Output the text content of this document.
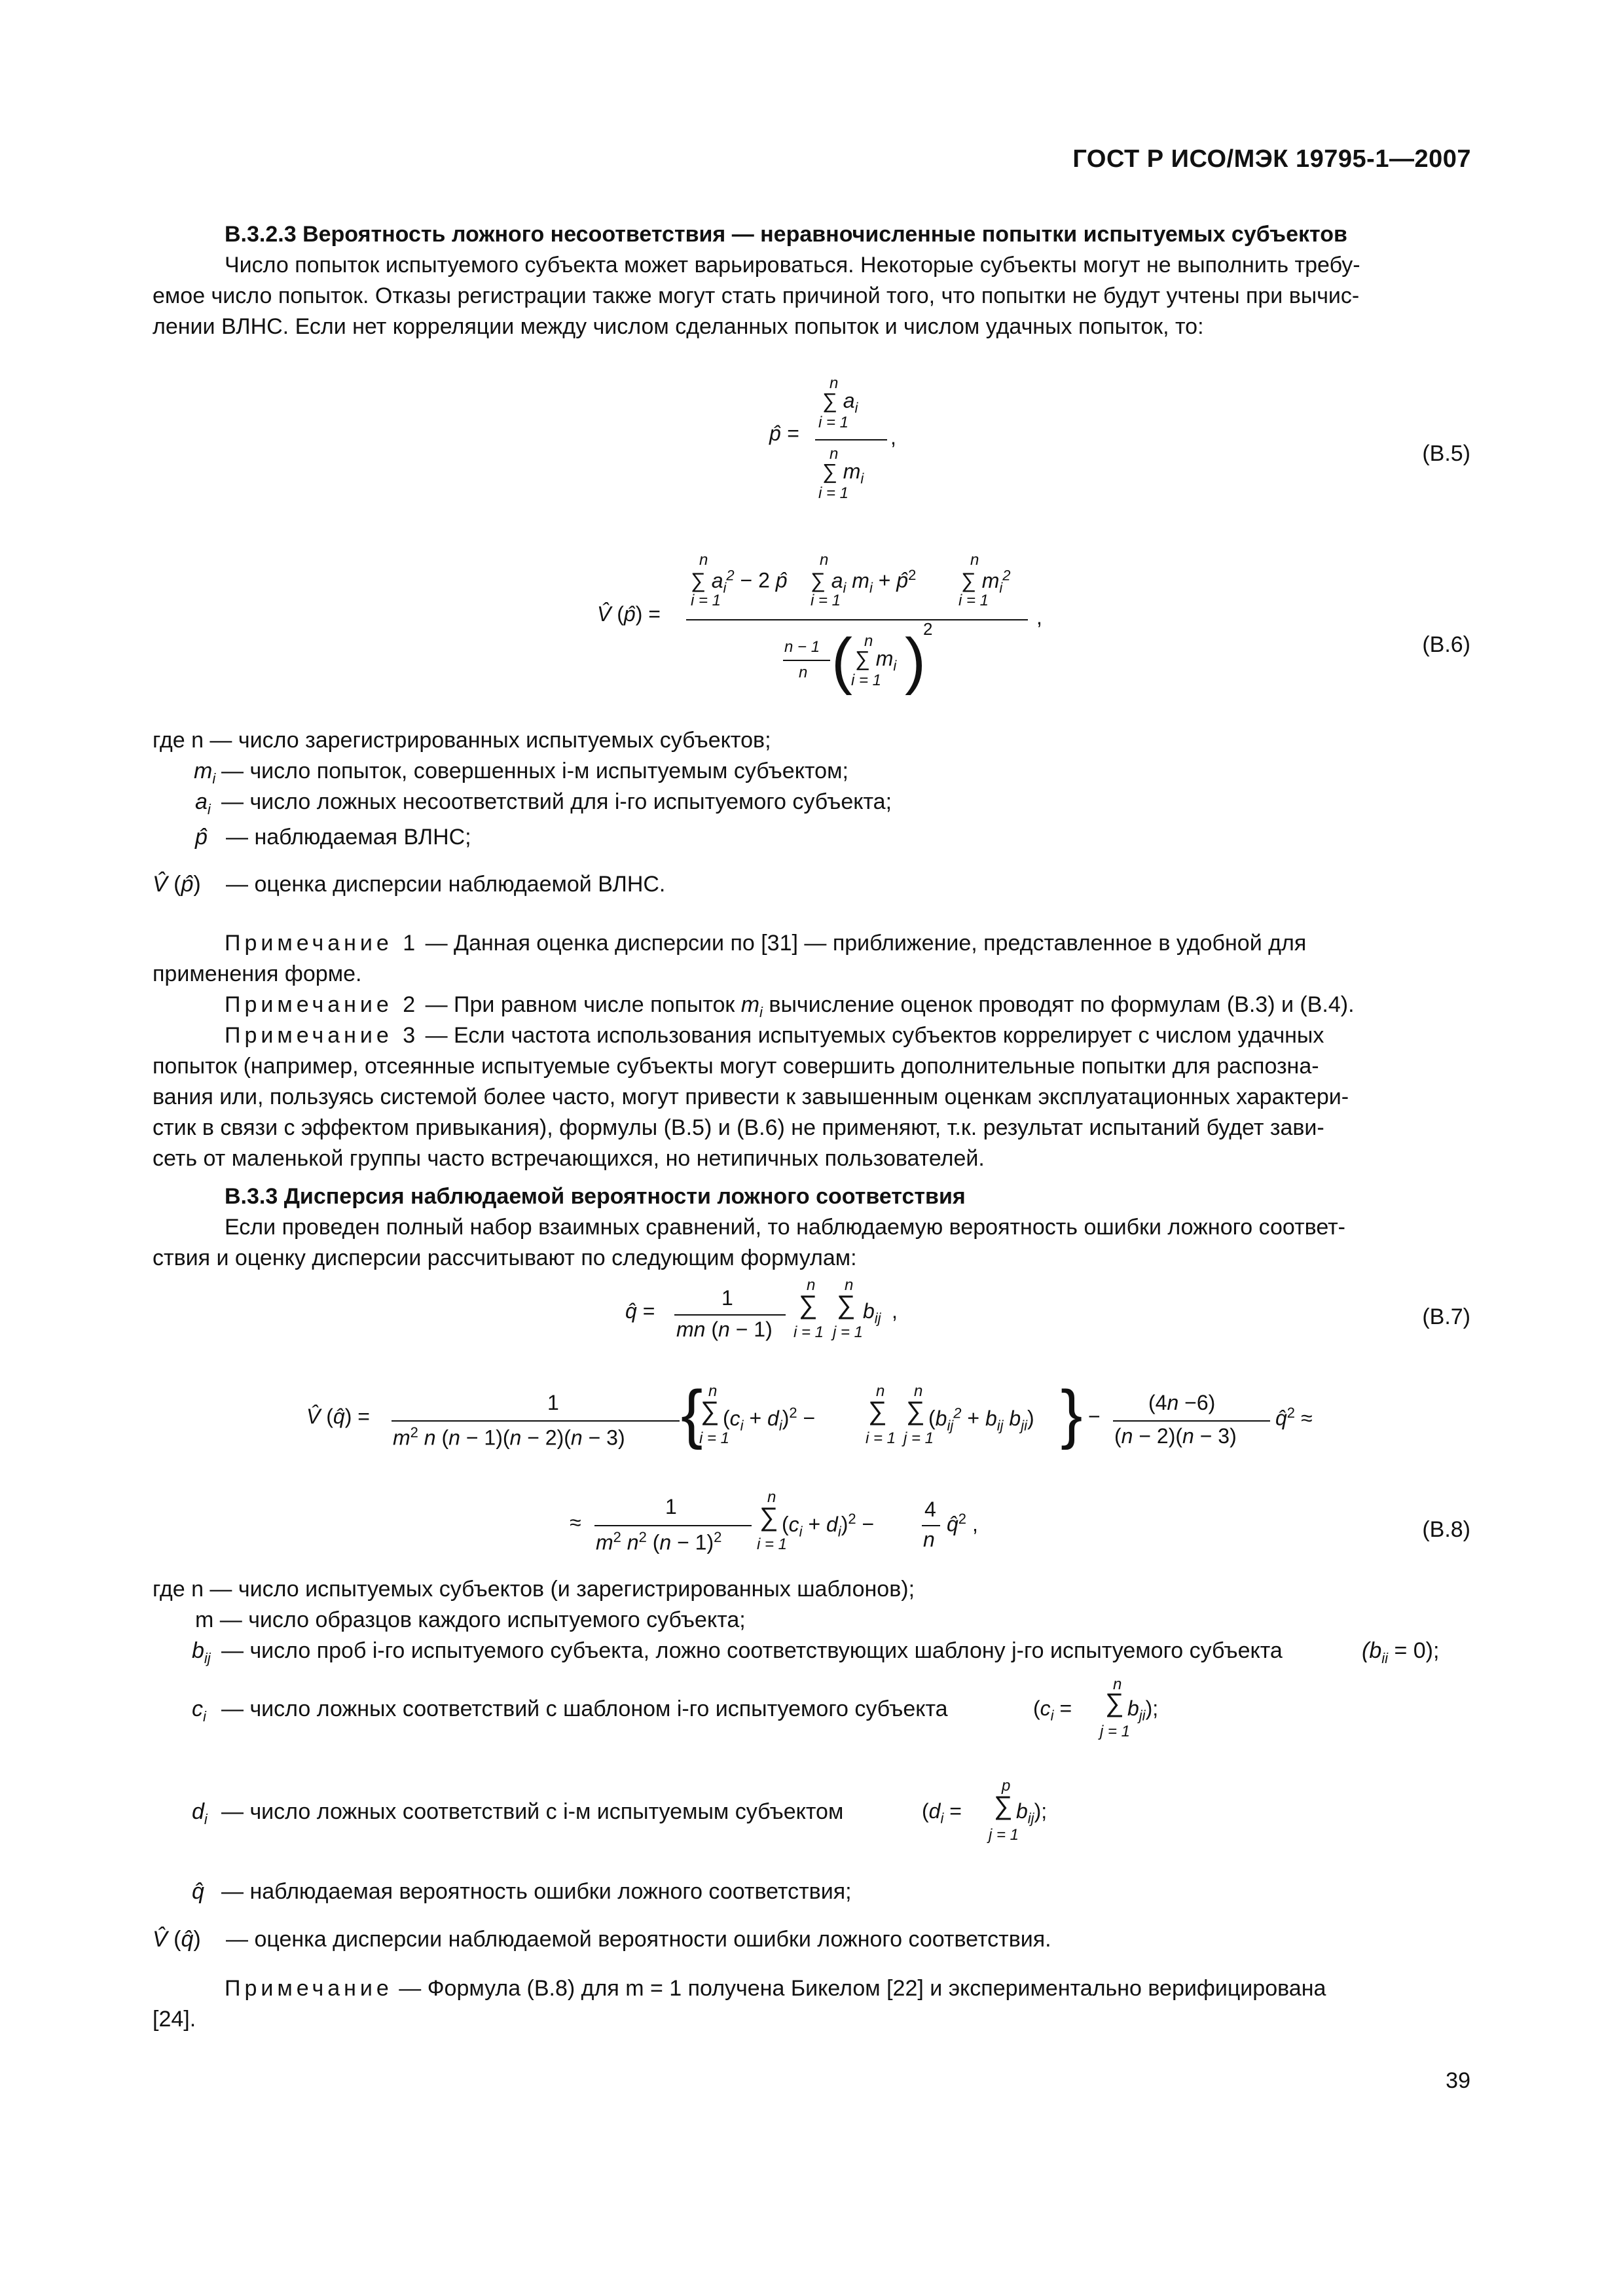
ГОСТ Р ИСО/МЭК 19795-1—2007
В.3.2.3 Вероятность ложного несоответствия — неравночисленные попытки испытуемых субъектов
Число попыток испытуемого субъекта может варьироваться. Некоторые субъекты могут не выполнить требу-
емое число попыток. Отказы регистрации также могут стать причиной того, что попытки не будут учтены при вычис-
лении ВЛНС. Если нет корреляции между числом сделанных попыток и числом удачных попыток, то:
p̂ =
n
∑ $a_i$
i = 1
,
n
∑ $m_i$
i = 1
(В.5)
V̂ (p̂) =
n
∑ $a_i^2 - 2$ p̂
i = 1
n
∑ $a_i$ $m_i$ + p̂$^2$
i = 1
n
∑ $m_i^2$
i = 1
,
n − 1
n ( n
∑ $m_i$
i = 1 )
2
(В.6)
где n — число зарегистрированных испытуемых субъектов;
$m_i$ — число попыток, совершенных i-м испытуемым субъектом;
$a_i$ — число ложных несоответствий для i-го испытуемого субъекта;
p̂ — наблюдаемая ВЛНС;
V̂ (p̂) — оценка дисперсии наблюдаемой ВЛНС.
Примечание 1 — Данная оценка дисперсии по [31] — приближение, представленное в удобной для
применения форме.
Примечание 2 — При равном числе попыток $m_i$ вычисление оценок проводят по формулам (В.3) и (В.4).
Примечание 3 — Если частота использования испытуемых субъектов коррелирует с числом удачных
попыток (например, отсеянные испытуемые субъекты могут совершить дополнительные попытки для распозна-
вания или, пользуясь системой более часто, могут привести к завышенным оценкам эксплуатационных характери-
стик в связи с эффектом привыкания), формулы (В.5) и (В.6) не применяют, т.к. результат испытаний будет зави-
сеть от маленькой группы часто встречающихся, но нетипичных пользователей.
В.3.3 Дисперсия наблюдаемой вероятности ложного соответствия
Если проведен полный набор взаимных сравнений, то наблюдаемую вероятность ошибки ложного соответ-
ствия и оценку дисперсии рассчитывают по следующим формулам:
q̂ =
1
mn (n − 1)
n
∑
i = 1
n
∑
j = 1
$b_{ij}$ ,	(В.7)
V̂ (q̂) =
1
$m^2$ n (n − 1)(n − 2)(n − 3) { n
∑
i = 1
$(c_i + d_i)^2$ −
n
∑
i = 1
n
∑
j = 1
($b_{ij}^2 + b_{ij}$ $b_{ji}$) } −
(4n −6)
(n − 2)(n − 3)
q̂$^2$ ≈
≈
1
$m^2$ $n^2$ $(n - 1)^2$
n
∑
i = 1
$(c_i + d_i)^2$ −
4
n
q̂$^2$ ,	(В.8)
где n — число испытуемых субъектов (и зарегистрированных шаблонов);
m — число образцов каждого испытуемого субъекта;
$b_{ij}$ — число проб i-го испытуемого субъекта, ложно соответствующих шаблону j-го испытуемого субъекта	$(b_{ii} = 0)$;
$c_i$ — число ложных соответствий с шаблоном i-го испытуемого субъекта	($c_i$ =
n
∑
j = 1
$b_{ji}$);
$d_i$ — число ложных соответствий с i-м испытуемым субъектом	($d_i$ =
p
∑
j = 1
$b_{ij}$);
q̂ — наблюдаемая вероятность ошибки ложного соответствия;
V̂ (q̂) — оценка дисперсии наблюдаемой вероятности ошибки ложного соответствия.
Примечание — Формула (В.8) для m = 1 получена Бикелом [22] и экспериментально верифицирована
[24].
39
